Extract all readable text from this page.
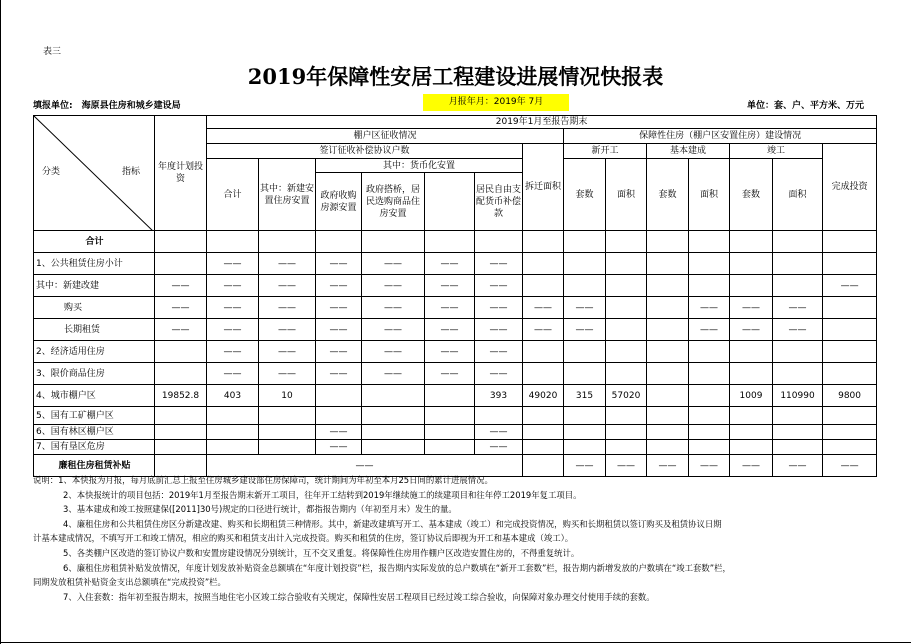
表三
2019年保障性安居工程建设进展情况快报表
填报单位:　海原县住房和城乡建设局	月报年月：2019年 7月	单位：套、户、平方米、万元
分类 指标	年度计划投资	2019年1月至报告期末														
		棚户区征收情况							保障性住房（棚户区安置住房）建设情况							
		签订征收补偿协议户数						拆迁面积	新开工		基本建成		竣工		完成投资	
		合计	其中：新建安置住房安置	其中：货币化安置					套数	面积	套数	面积	套数	面积		
				政府收购房源安置	政府搭桥，居民选购商品住房安置		居民自由支配货币补偿款									
合计																
1、公共租赁住房小计		——	——	——	——	——	——									
其中：新建改建	——	——	——	——	——	——	——								——	
购买	——	——	——	——	——	——	——	——	——			——	——	——		
长期租赁	——	——	——	——	——	——	——	——	——			——	——	——		
2、经济适用住房		——	——	——	——	——	——									
3、限价商品住房		——	——	——	——	——	——									
4、城市棚户区	19852.8	403	10				393	49020	315	57020			1009	110990	9800	
5、国有工矿棚户区																
6、国有林区棚户区				——			——									
7、国有垦区危房				——			——									
廉租住房租赁补贴		——							——	——	——	——	——	——	——	
说明：1、本快报为月报，每月底前汇总上报至住房城乡建设部住房保障司，统计期间为年初至本月25日间的累计进展情况。
2、本快报统计的项目包括：2019年1月至报告期末新开工项目，往年开工结转到2019年继续施工的续建项目和往年停工2019年复工项目。
3、基本建成和竣工按照建保([2011]30号)规定的口径进行统计，都指报告期内（年初至月末）发生的量。
4、廉租住房和公共租赁住房区分新建改建、购买和长期租赁三种情形。其中，新建改建填写开工、基本建成（竣工）和完成投资情况，购买和长期租赁以签订购买及租赁协议日期
计基本建成情况，不填写开工和竣工情况，相应的购买和租赁支出计入完成投资。购买和租赁的住房，签订协议后即视为开工和基本建成（竣工）。
5、各类棚户区改造的签订协议户数和安置房建设情况分别统计，互不交叉重复。将保障性住房用作棚户区改造安置住房的，不得重复统计。
6、廉租住房租赁补贴发放情况，年度计划发放补贴资金总额填在“年度计划投资”栏，报告期内实际发放的总户数填在“新开工套数”栏，报告期内新增发放的户数填在“竣工套数”栏，
同期发放租赁补贴资金支出总额填在“完成投资”栏。
7、入住套数：指年初至报告期末，按照当地住宅小区竣工综合验收有关规定，保障性安居工程项目已经过竣工综合验收，向保障对象办理交付使用手续的套数。
